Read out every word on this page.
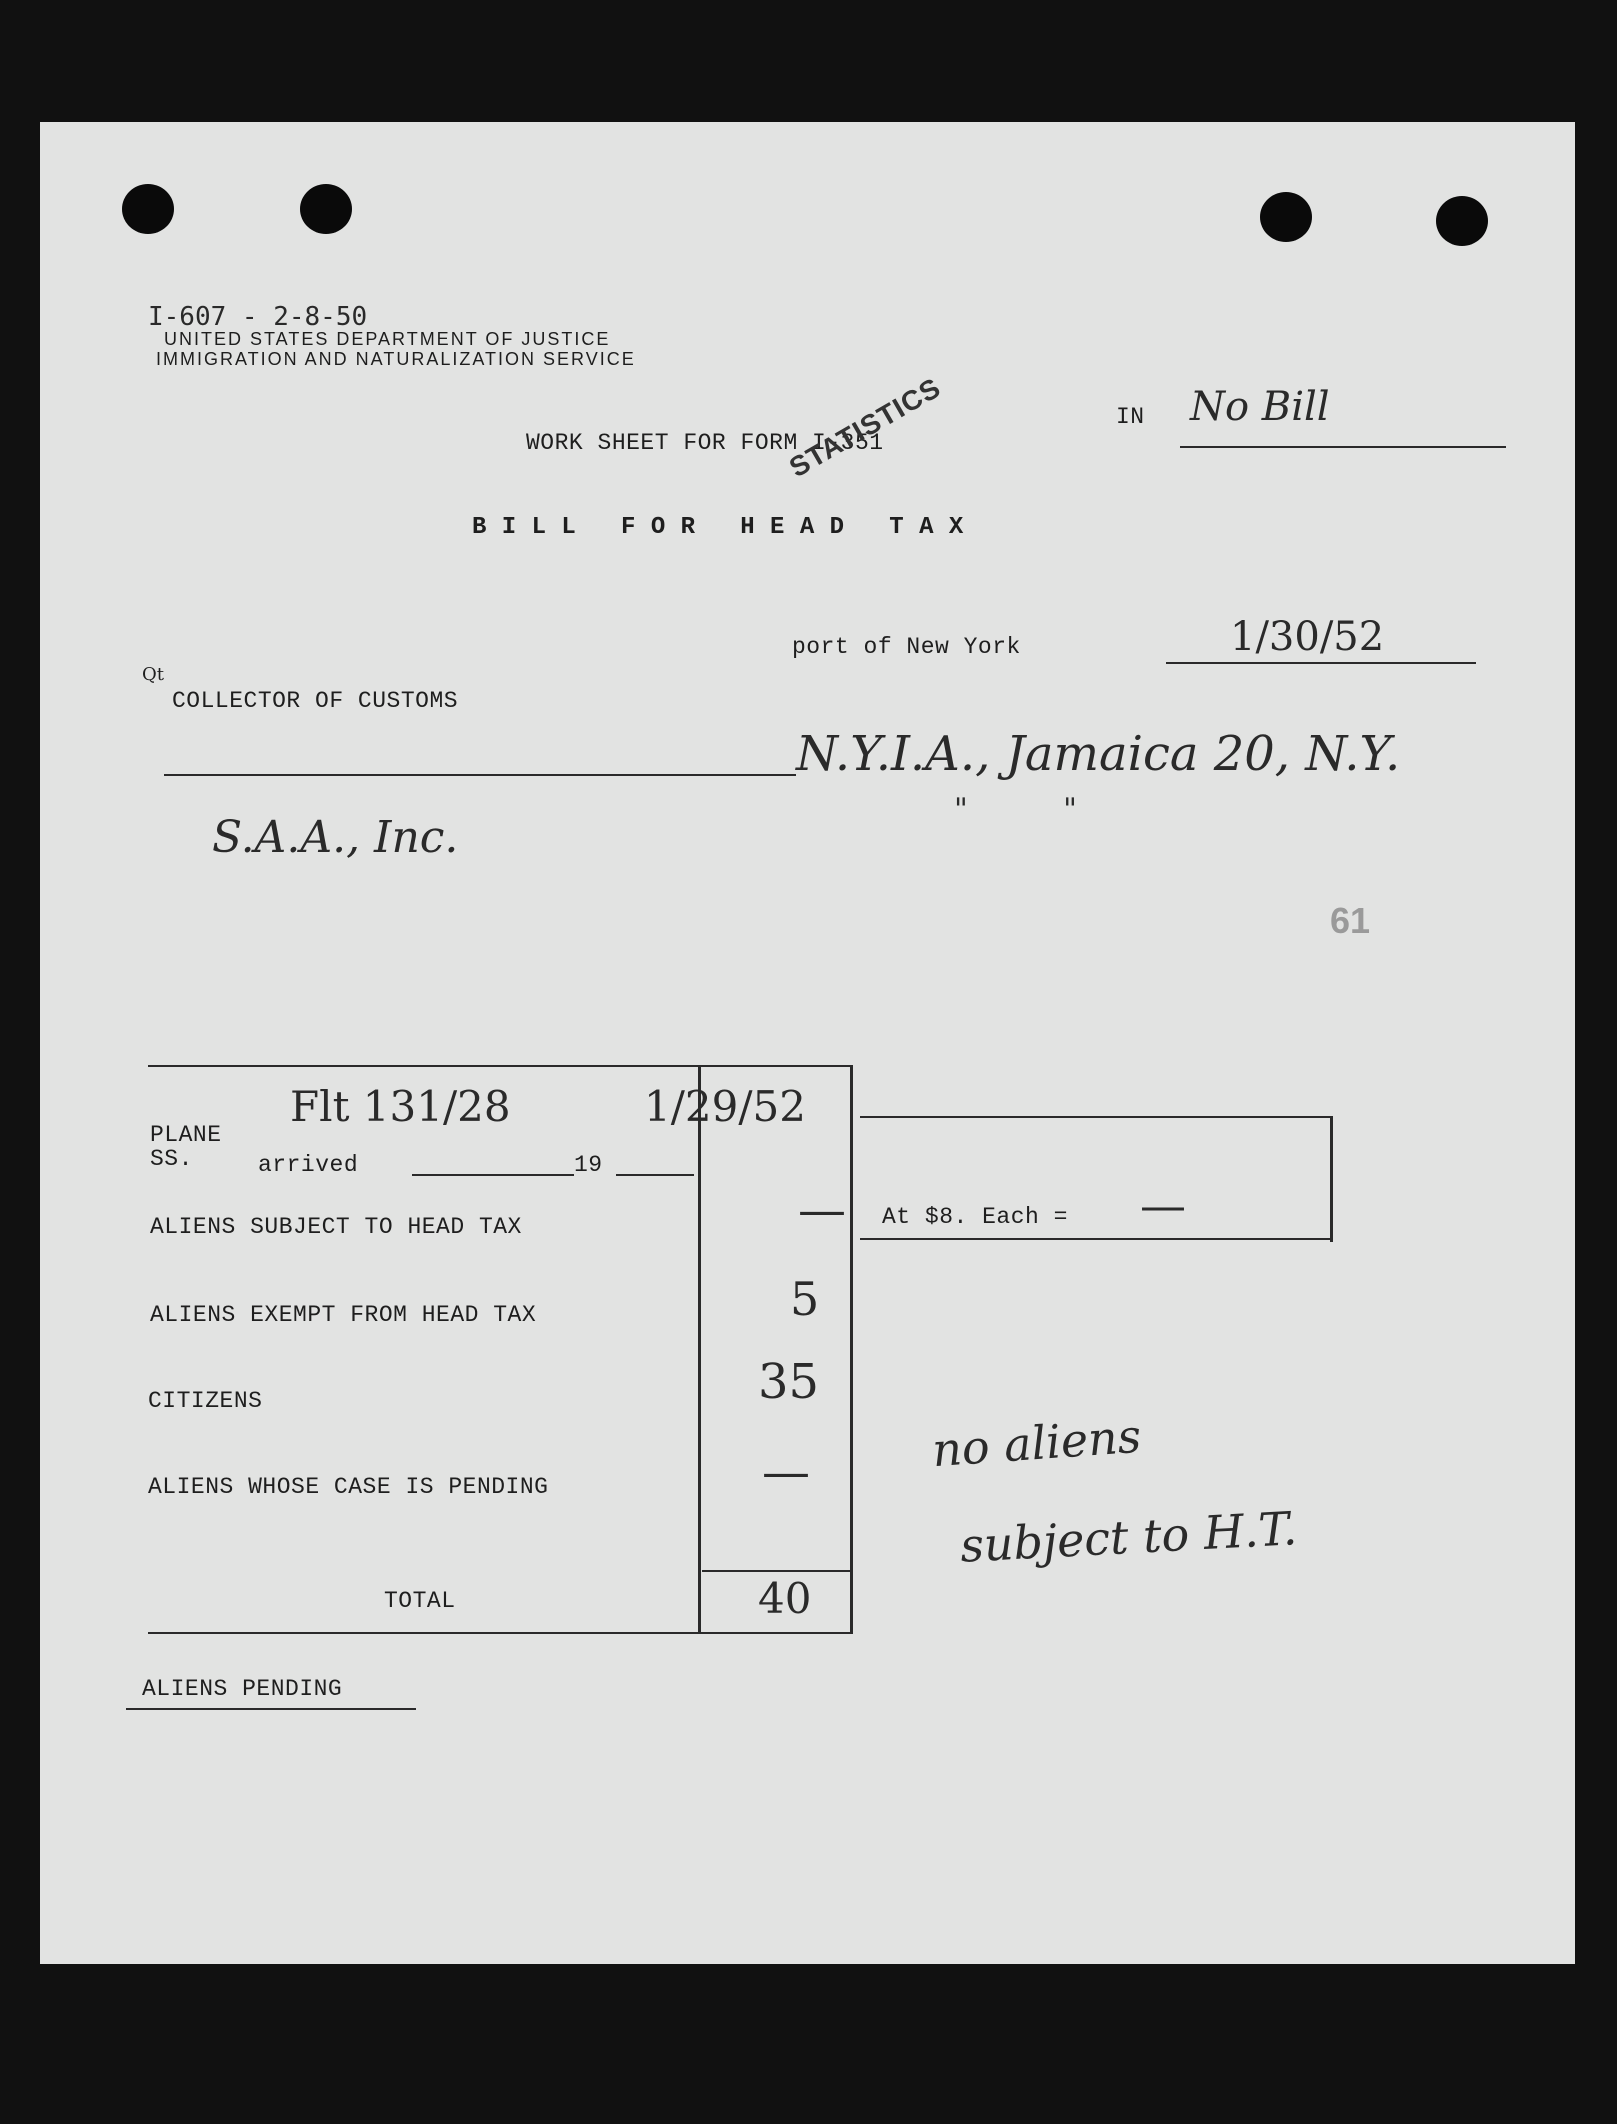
I-607 - 2-8-50
UNITED STATES DEPARTMENT OF JUSTICE
IMMIGRATION AND NATURALIZATION SERVICE
WORK SHEET FOR FORM I-351
STATISTICS	IN No Bill
B I L L   F O R   H E A D   T A X
port of New York	1/30/52
Qt
COLLECTOR OF CUSTOMS
N.Y.I.A., Jamaica 20, N.Y.
"          "
S.A.A., Inc.
61
PLANE
SS.
Flt 131/28
arrived	19
1/29/52
ALIENS SUBJECT TO HEAD TAX	—
ALIENS EXEMPT FROM HEAD TAX	5
CITIZENS	35
ALIENS WHOSE CASE IS PENDING	—
TOTAL	40
At $8. Each = —
no aliens
subject to H.T.
ALIENS PENDING
